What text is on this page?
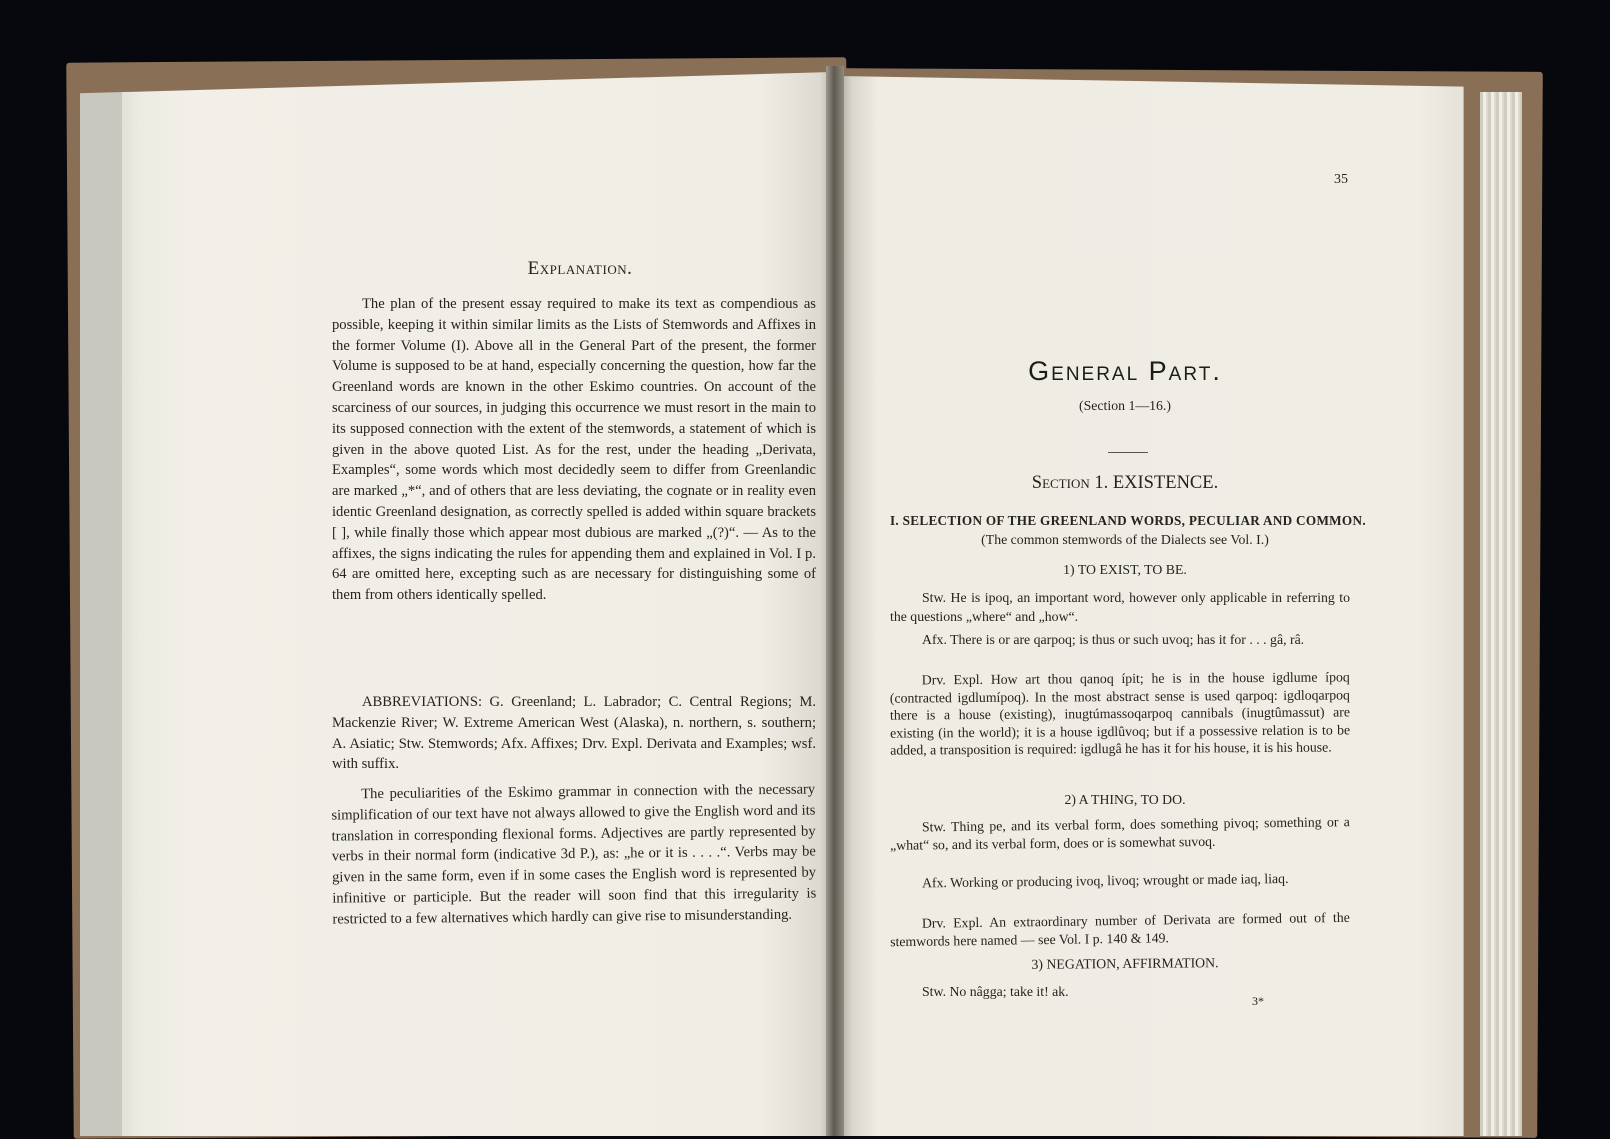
Explanation.
The plan of the present essay required to make its text as compendious as possible, keeping it within similar limits as the Lists of Stemwords and Affixes in the former Volume (I). Above all in the General Part of the present, the former Volume is supposed to be at hand, especially concerning the question, how far the Greenland words are known in the other Eskimo countries. On account of the scarciness of our sources, in judging this occurrence we must resort in the main to its supposed connection with the extent of the stemwords, a statement of which is given in the above quoted List. As for the rest, under the heading „Derivata, Examples“, some words which most decidedly seem to differ from Greenlandic are marked „*“, and of others that are less deviating, the cognate or in reality even identic Greenland designation, as correctly spelled is added within square brackets [ ], while finally those which appear most dubious are marked „(?)“. — As to the affixes, the signs indicating the rules for appending them and explained in Vol. I p. 64 are omitted here, excepting such as are necessary for distinguishing some of them from others identically spelled.
ABBREVIATIONS: G. Greenland; L. Labrador; C. Central Regions; M. Mackenzie River; W. Extreme American West (Alaska), n. northern, s. southern; A. Asiatic; Stw. Stemwords; Afx. Affixes; Drv. Expl. Derivata and Examples; wsf. with suffix.
The peculiarities of the Eskimo grammar in connection with the necessary simplification of our text have not always allowed to give the English word and its translation in corresponding flexional forms. Adjectives are partly represented by verbs in their normal form (indicative 3d P.), as: „he or it is . . . .“. Verbs may be given in the same form, even if in some cases the English word is represented by infinitive or participle. But the reader will soon find that this irregularity is restricted to a few alternatives which hardly can give rise to misunderstanding.
35
General Part.
(Section 1—16.)
Section 1. EXISTENCE.
I. SELECTION OF THE GREENLAND WORDS, PECULIAR AND COMMON.
(The common stemwords of the Dialects see Vol. I.)
1) TO EXIST, TO BE.
Stw. He is ipoq, an important word, however only applicable in referring to the questions „where“ and „how“.
Afx. There is or are qarpoq; is thus or such uvoq; has it for . . . gâ, râ.
Drv. Expl. How art thou qanoq ípit; he is in the house igdlume ípoq (contracted igdlumípoq). In the most abstract sense is used qarpoq: igdloqarpoq there is a house (existing), inugtúmassoqarpoq cannibals (inugtûmassut) are existing (in the world); it is a house igdlûvoq; but if a possessive relation is to be added, a transposition is required: igdlugâ he has it for his house, it is his house.
2) A THING, TO DO.
Stw. Thing pe, and its verbal form, does something pivoq; something or a „what“ so, and its verbal form, does or is somewhat suvoq.
Afx. Working or producing ivoq, livoq; wrought or made iaq, liaq.
Drv. Expl. An extraordinary number of Derivata are formed out of the stemwords here named — see Vol. I p. 140 & 149.
3) NEGATION, AFFIRMATION.
Stw. No nâgga; take it! ak.
3*
